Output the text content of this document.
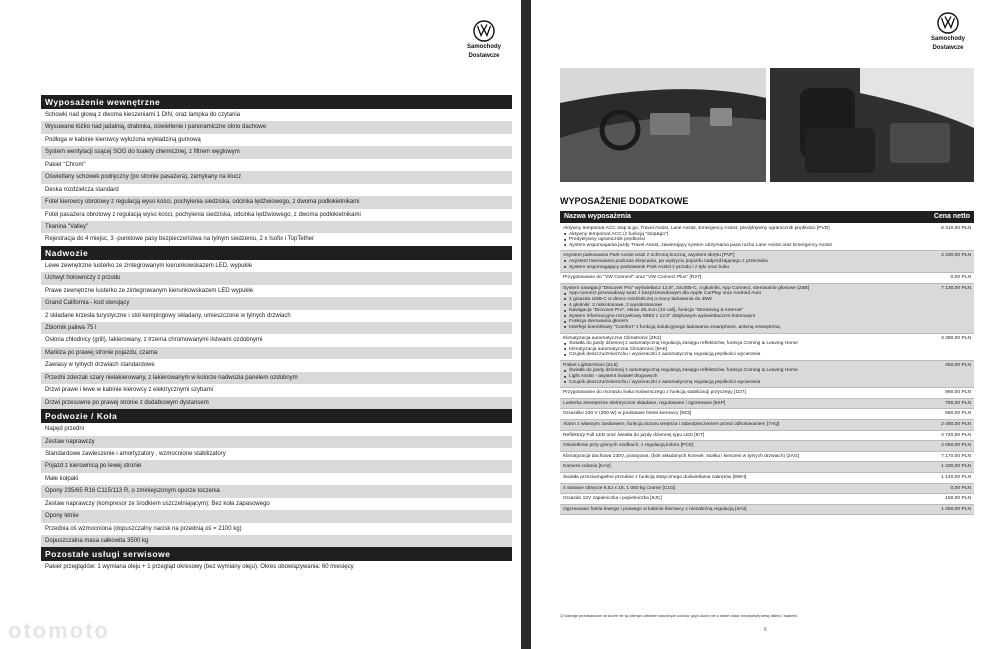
Samochody
Dostawcze
Wyposażenie wewnętrzne
Schowki nad głową z dwoma kieszeniami 1 DIN, oraz lampka do czytania
Wysuwane łóżko nad jadalnią, drabinka, oświetlenie i panoramiczne okno dachowe
Podłoga w kabinie kierowcy wyłożona wykładziną gumową
System wentylacji ssącej SOG do toalety chemicznej, z filtrem węglowym
Pakiet "Chrom"
Oświetlany schowek podręczny (po stronie pasażera), zamykany na klucz
Deska rozdzielcza standard
Fotel kierowcy obrotowy z regulacją wyso kości, pochylenia siedziska, odcinka lędźwiowego, z dwoma podłokietnikami
Fotel pasażera obrotowy z regulacją wyso kości, pochylenia siedziska, odcinka lędźwiowego, z dwoma podłokietnikami
Tkanina "Valley"
Rejestracja do 4 miejsc, 3 -punktowe pasy bezpieczeństwa na tylnym siedzeniu, 2 x Isofix i TopTether
Nadwozie
Lewe zewnętrzne lusterko ze zintegrowanym kierunkowskazem LED, wypukłe
Uchwyt holowniczy z przodu
Prawe zewnętrzne lusterko ze zintegrowanym kierunkowskazem LED wypukłe
Grand California - kod sterujący
2 składane krzesła turystyczne i stół kempingowy składany, umieszczone w tylnych drzwiach
Zbiornik paliwa 75 l
Osłona chłodnicy (grill), lakierowany, z trzema chromowanymi listwami ozdobnymi
Markiza po prawej stronie pojazdu, czarna
Zawiasy w tylnych drzwiach standardowe
Przedni zderzak szary nielakierowany, z lakierowanym w kolorze nadwozia panelem ozdobnym
Drzwi prawe i lewe w kabinie kierowcy z elektrycznymi szybami
Drzwi przesuwne po prawej stronie z dodatkowym dystansem
Podwozie / Koła
Napęd przedni
Zestaw naprawczy
Standardowe zawieszenie i amortyzatory , wzmocnione stabilizatory
Pojazd z kierownicą po lewej stronie
Małe kołpaki
Opony 235/65 R16 C115/113 R, o zminiejszonym oporze toczenia
Zestaw naprawczy (kompresor ze środkiem uszczelniającym); Bez koła zapasowego
Opony letnie
Przednia oś wzmocniona (dopuszczalny nacisk na przednią oś = 2100 kg)
Dopuszczalna masa całkowita 3500 kg
Pozostałe usługi serwisowe
Pakiet przeglądów: 1 wymiana oleju + 1 przegląd okresowy (bez wymiany oleju). Okres obowiązywania: 60 miesięcy
otomoto
Samochody
Dostawcze
WYPOSAŻENIE DODATKOWE
Nazwa wyposażenia	Cena netto
Aktywny tempomat ACC stop & go, Travel Assist, Lane Assist, Emergency Assist, predyktywny ogranicznik prędkości [PVD]	6 310,00 PLN
■ Aktywny tempomat ACC (z funkcją "stop&go")
■ Predyktywny ogranicznik prędkości
■ System wspomagania jazdy Travel Assist, zawierający system utrzymania pasa ruchu Lane Assist oraz Emergency Assist
Asystent parkowania Park Assist wraz z ochroną boczną, asystent skrętu [PVF]	2 330,00 PLN
■ Asystent hamowania podczas skręcania, po wykryciu pojazdu nadjeżdżającego z przeciwka
■ System wspomagający parkowanie Park Assist z przodu i z tyłu oraz boku
Przygotowanie do "VW Connect" oraz "VW Connect Plus" [R27]	0,00 PLN
System nawigacji "Discover Pro" wyświetlacz 12,9", 2xUSB-C, 4 głośniki, App Connect, sterowanie głosowe [Z6B]	7 130,00 PLN
■ App-connect przewodowy wraz z bezprzewodowym dla Apple CarPlay oraz Android Auto
■ 2 gniazda USB-C w desce rozdzielczej o mocy ładowania do 45W
■ 4 głośniki: 2 niskotonowe, 2 wysokotonowe
■ Nawigacja "Discover Pro", ekran 25,4cm (10 cali), funkcja "Streaming & Internet"
■ System informacyjno-rozrywkowy MIB3 z 12,9" dotykowym wyświetlaczem kolorowym
■ Funkcja sterowania głosem
■ Interfejs komórkowy "Comfort" z funkcją indukcyjnego ładowania smartphone, anteną zewnętrzną
Klimatyzacja automatyczna Climatronic [ZK2]	3 380,00 PLN
■ Światła do jazdy dziennej z automatyczną regulacją zasięgu reflektorów, funkcja Coming & Leaving Home
■ Klimatyzacja automatyczna Climatronic [9AK]
■ Czujnik deszczu/zmierzchu i wycieraczki z automatyczną regulacją prędkości wycierania
Pakiet Light&Vision [ZL5]	450,00 PLN
■ Światła do jazdy dziennej z automatyczną regulacją zasięgu reflektorów, funkcja Coming & Leaving Home
■ Light Assist - asystent świateł drogowych
■ Czujnik deszczu/zmierzchu i wycieraczki z automatyczną regulacją prędkości wycierania
Przygotowanie do montażu haka holowniczego z funkcją stabilizacji przyczepy [1D7]	990,00 PLN
Lusterka zewnętrzne elektrycznie składane, regulowane i ogrzewane [6XP]	780,00 PLN
Gniazdko 230 V (300 W) w podstawie fotela kierowcy [9Z3]	880,00 PLN
Alarm z własnym zasilaniem, funkcją dozoru wnętrza i zabezpieczeniem przed odholowaniem [7AQ]	2 480,00 PLN
Reflektory Full LED oraz światła do jazdy dziennej typu LED [8IT]	4 720,00 PLN
Oświetlenie przy górnych szafkach, z regulacją koloru [PCE]	2 050,00 PLN
Klimatyzacja dachowa 230V, postojowa. (bok składanych krzeseł, stolika i kieszeni w tylnych drzwiach) [2AG]	7 170,00 PLN
Kamera cofania [KA2]	1 330,00 PLN
Światła przeciwmgielne przednie z funkcją statycznego doświetlania zakrętów [8WH]	1 140,00 PLN
4 stalowe obręcze 6,5J x 16, 1 050 kg czarne [C1G]	0,00 PLN
Gniazdo 12V zapalniczka i popielniczka [9JC]	150,00 PLN
Ogrzewanie fotela lewego i prawego w kabinie kierowcy z niezależną regulacją [4A3]	1 260,00 PLN
1) Ilustracje przedstawione na stronie nie są wiernym odbiciem naturalnych kolorów, gdyż odcień nie w stanie oddać rzeczywistej barwy lakieru i tapicerki.
6
